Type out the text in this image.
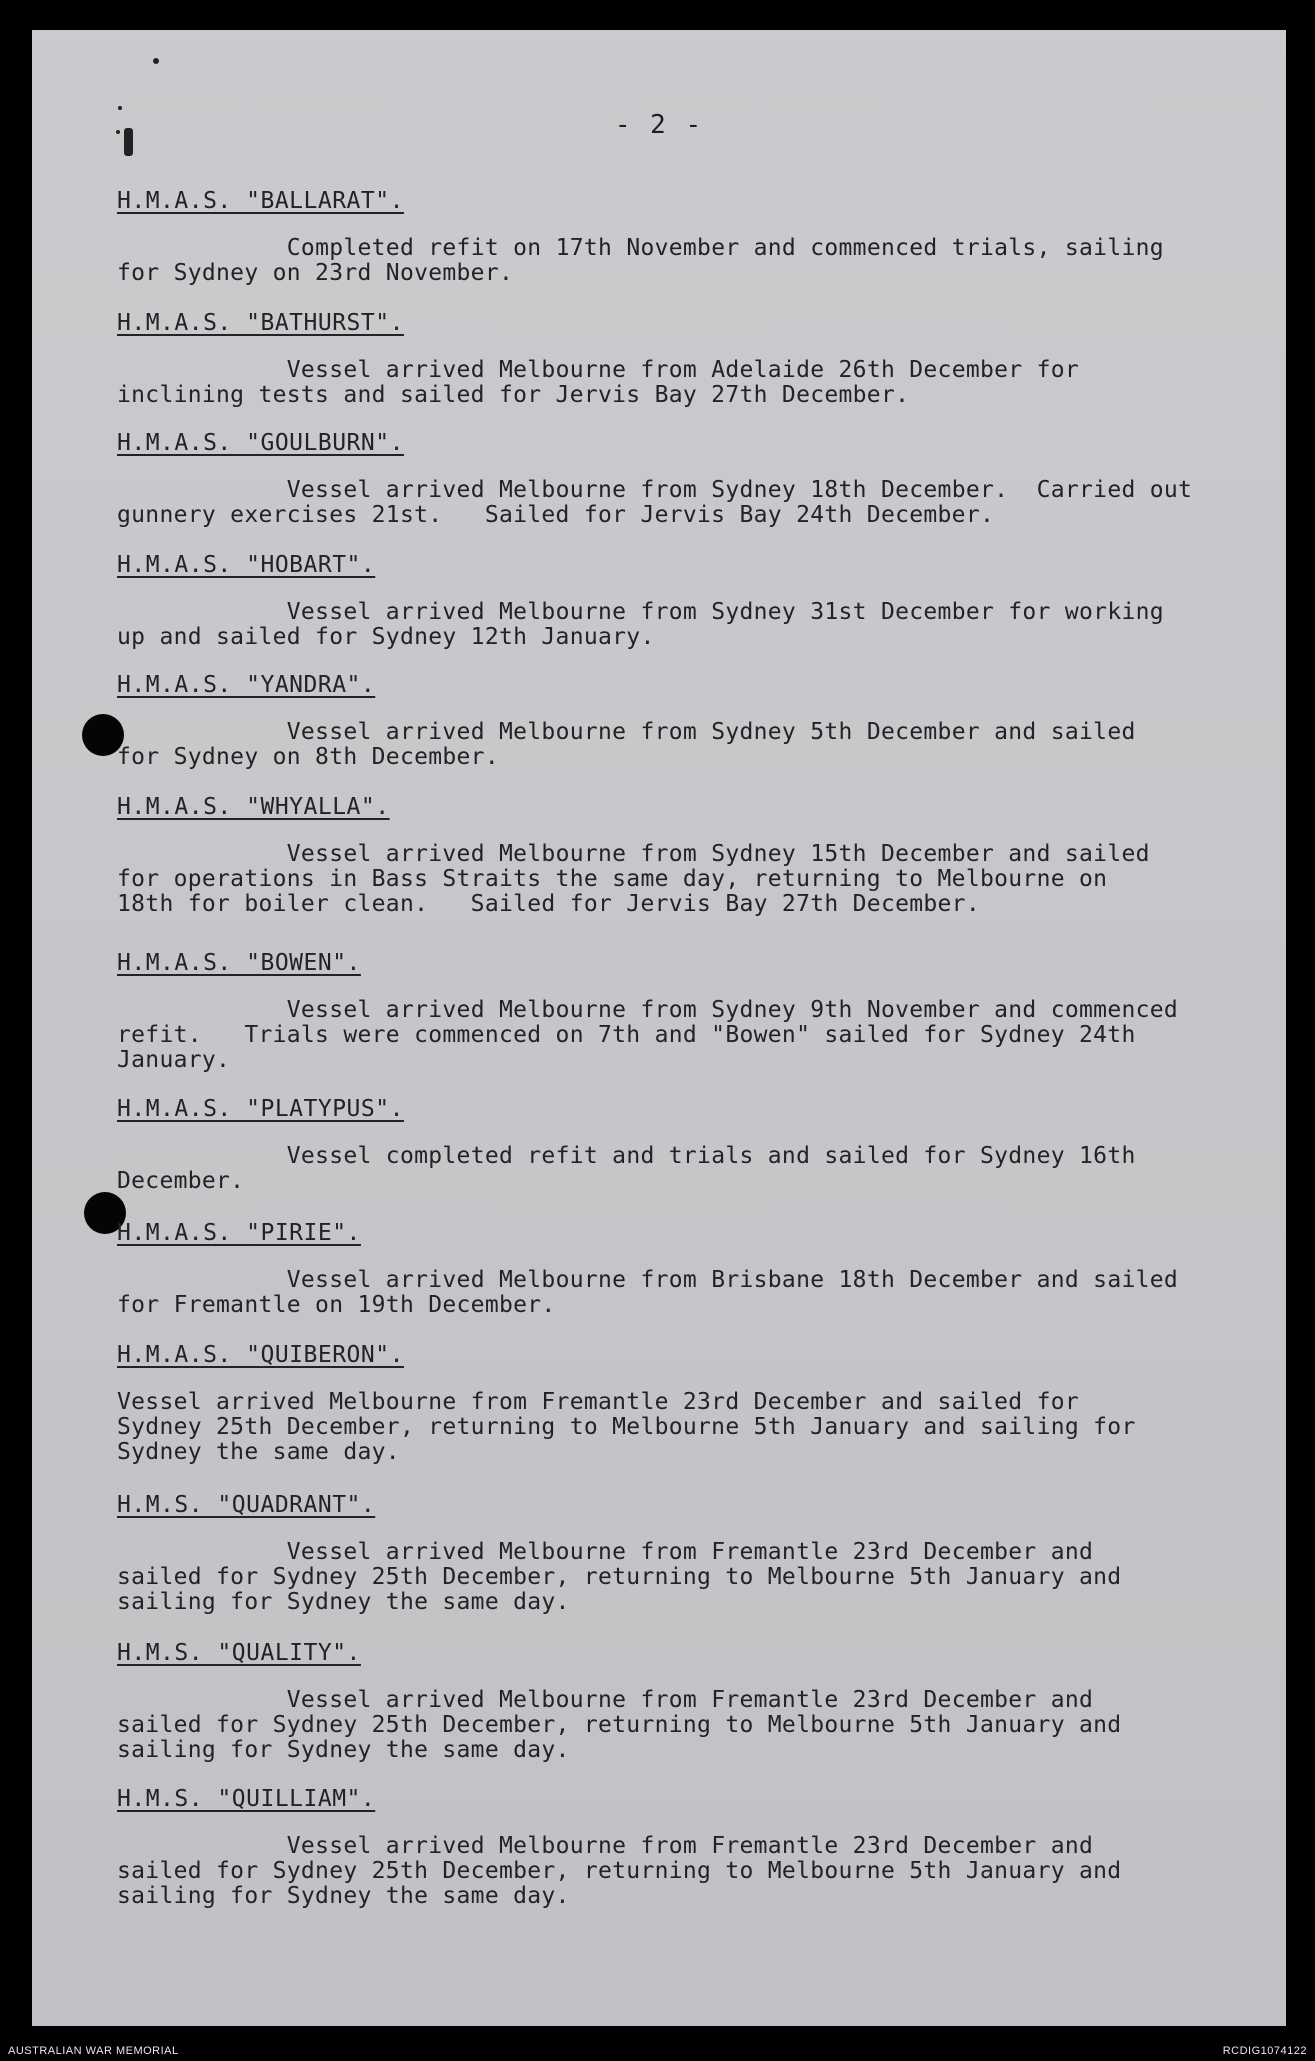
- 2 -

H.M.A.S. "BALLARAT".

Completed refit on 17th November and commenced trials, sailing
for Sydney on 23rd November.

H.M.A.S. "BATHURST".

Vessel arrived Melbourne from Adelaide 26th December for
inclining tests and sailed for Jervis Bay 27th December.

H.M.A.S. "GOULBURN".

Vessel arrived Melbourne from Sydney 18th December.  Carried out
gunnery exercises 21st.   Sailed for Jervis Bay 24th December.

H.M.A.S. "HOBART".

Vessel arrived Melbourne from Sydney 31st December for working
up and sailed for Sydney 12th January.

H.M.A.S. "YANDRA".

Vessel arrived Melbourne from Sydney 5th December and sailed
for Sydney on 8th December.

H.M.A.S. "WHYALLA".

Vessel arrived Melbourne from Sydney 15th December and sailed
for operations in Bass Straits the same day, returning to Melbourne on
18th for boiler clean.   Sailed for Jervis Bay 27th December.

H.M.A.S. "BOWEN".

Vessel arrived Melbourne from Sydney 9th November and commenced
refit.   Trials were commenced on 7th and "Bowen" sailed for Sydney 24th
January.

H.M.A.S. "PLATYPUS".

Vessel completed refit and trials and sailed for Sydney 16th
December.

H.M.A.S. "PIRIE".

Vessel arrived Melbourne from Brisbane 18th December and sailed
for Fremantle on 19th December.

H.M.A.S. "QUIBERON".

Vessel arrived Melbourne from Fremantle 23rd December and sailed for
Sydney 25th December, returning to Melbourne 5th January and sailing for
Sydney the same day.

H.M.S. "QUADRANT".

Vessel arrived Melbourne from Fremantle 23rd December and
sailed for Sydney 25th December, returning to Melbourne 5th January and
sailing for Sydney the same day.

H.M.S. "QUALITY".

Vessel arrived Melbourne from Fremantle 23rd December and
sailed for Sydney 25th December, returning to Melbourne 5th January and
sailing for Sydney the same day.

H.M.S. "QUILLIAM".

Vessel arrived Melbourne from Fremantle 23rd December and
sailed for Sydney 25th December, returning to Melbourne 5th January and
sailing for Sydney the same day.

AUSTRALIAN WAR MEMORIAL	RCDIG1074122
